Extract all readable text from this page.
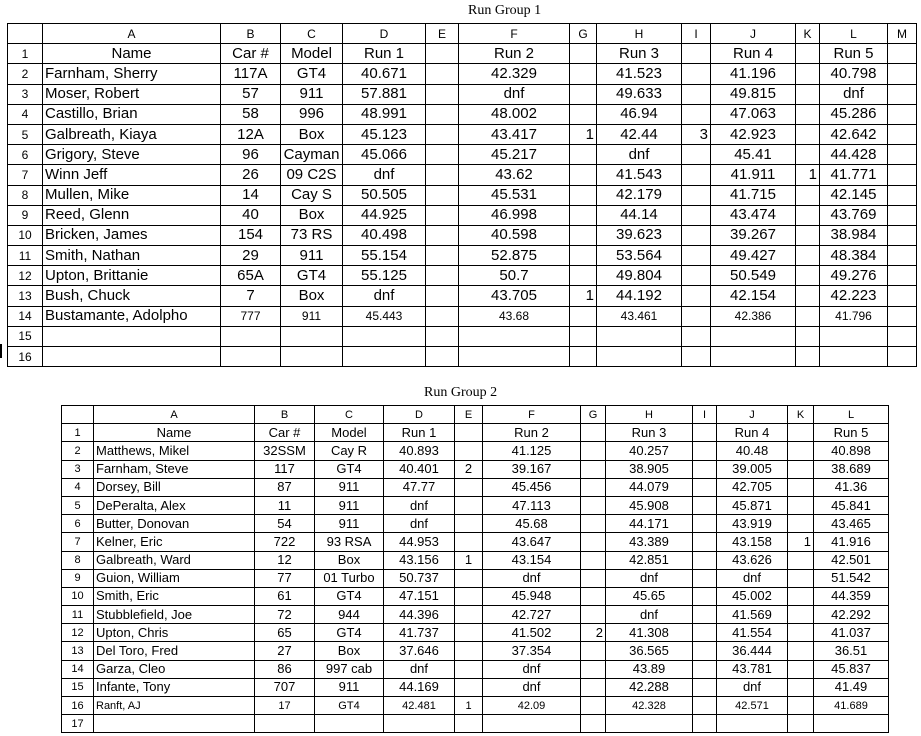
Run Group 1
	A	B	C	D	E	F	G	H	I	J	K	L	M
1	Name	Car #	Model	Run 1		Run 2		Run 3		Run 4		Run 5	
2	Farnham, Sherry	117A	GT4	40.671		42.329		41.523		41.196		40.798	
3	Moser, Robert	57	911	57.881		dnf		49.633		49.815		dnf	
4	Castillo, Brian	58	996	48.991		48.002		46.94		47.063		45.286	
5	Galbreath, Kiaya	12A	Box	45.123		43.417	1	42.44	3	42.923		42.642	
6	Grigory, Steve	96	Cayman	45.066		45.217		dnf		45.41		44.428	
7	Winn Jeff	26	09 C2S	dnf		43.62		41.543		41.911	1	41.771	
8	Mullen, Mike	14	Cay S	50.505		45.531		42.179		41.715		42.145	
9	Reed, Glenn	40	Box	44.925		46.998		44.14		43.474		43.769	
10	Bricken, James	154	73 RS	40.498		40.598		39.623		39.267		38.984	
11	Smith, Nathan	29	911	55.154		52.875		53.564		49.427		48.384	
12	Upton, Brittanie	65A	GT4	55.125		50.7		49.804		50.549		49.276	
13	Bush, Chuck	7	Box	dnf		43.705	1	44.192		42.154		42.223	
14	Bustamante, Adolpho	777	911	45.443		43.68		43.461		42.386		41.796	
15													
16													
Run Group 2
	A	B	C	D	E	F	G	H	I	J	K	L
1	Name	Car #	Model	Run 1		Run 2		Run 3		Run 4		Run 5
2	Matthews, Mikel	32SSM	Cay R	40.893		41.125		40.257		40.48		40.898
3	Farnham, Steve	117	GT4	40.401	2	39.167		38.905		39.005		38.689
4	Dorsey, Bill	87	911	47.77		45.456		44.079		42.705		41.36
5	DePeralta, Alex	11	911	dnf		47.113		45.908		45.871		45.841
6	Butter, Donovan	54	911	dnf		45.68		44.171		43.919		43.465
7	Kelner, Eric	722	93 RSA	44.953		43.647		43.389		43.158	1	41.916
8	Galbreath, Ward	12	Box	43.156	1	43.154		42.851		43.626		42.501
9	Guion, William	77	01 Turbo	50.737		dnf		dnf		dnf		51.542
10	Smith, Eric	61	GT4	47.151		45.948		45.65		45.002		44.359
11	Stubblefield, Joe	72	944	44.396		42.727		dnf		41.569		42.292
12	Upton, Chris	65	GT4	41.737		41.502	2	41.308		41.554		41.037
13	Del Toro, Fred	27	Box	37.646		37.354		36.565		36.444		36.51
14	Garza, Cleo	86	997 cab	dnf		dnf		43.89		43.781		45.837
15	Infante, Tony	707	911	44.169		dnf		42.288		dnf		41.49
16	Ranft, AJ	17	GT4	42.481	1	42.09		42.328		42.571		41.689
17												
